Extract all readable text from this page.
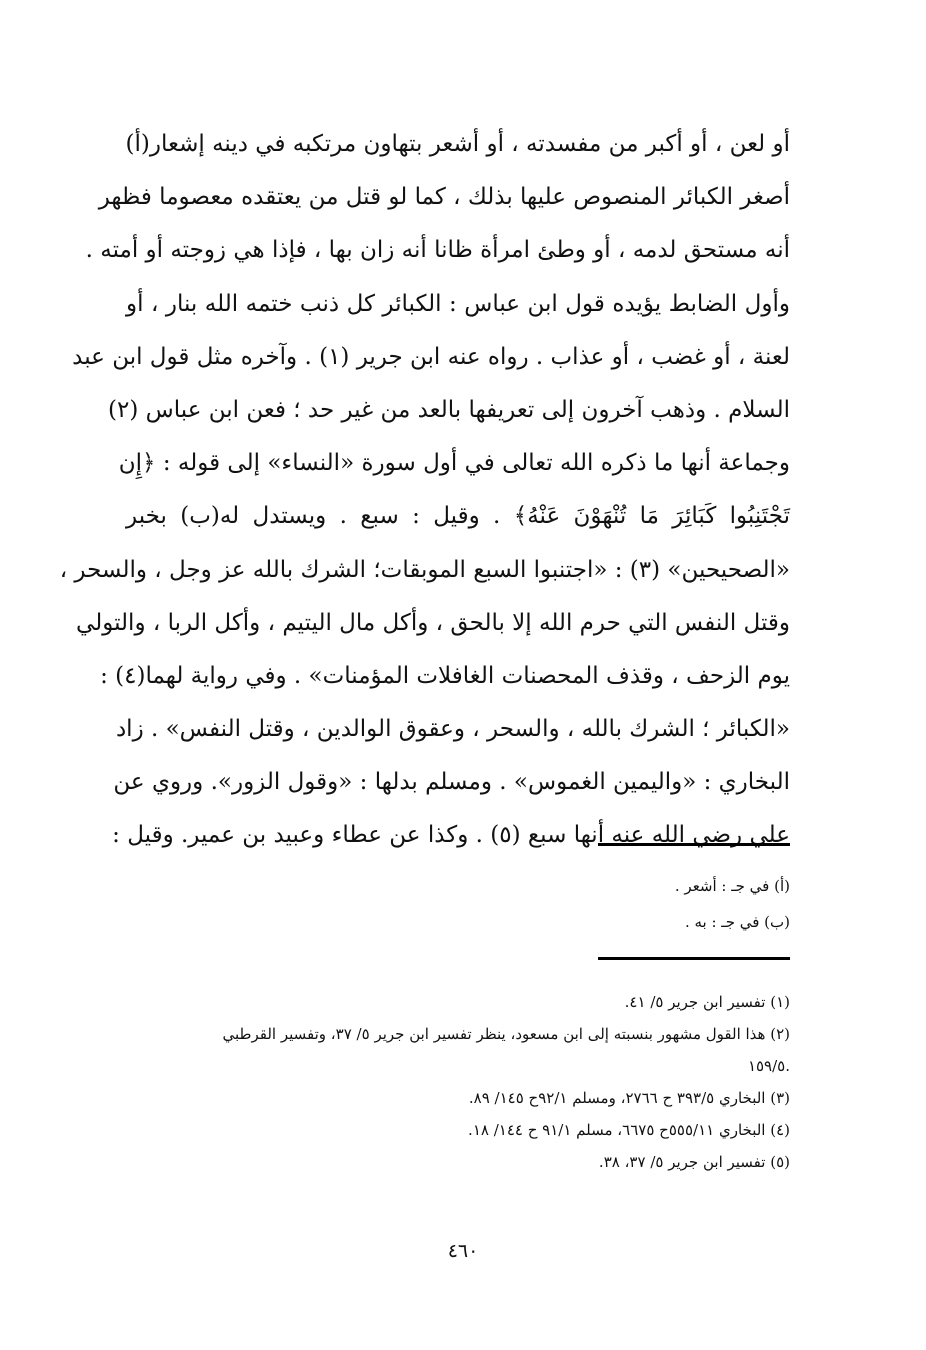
أو لعن ، أو أكبر من مفسدته ، أو أشعر بتهاون مرتكبه في دينه إشعار(أ)
أصغر الكبائر المنصوص عليها بذلك ، كما لو قتل من يعتقده معصوما فظهر
أنه مستحق لدمه ، أو وطئ امرأة ظانا أنه زان بها ، فإذا هي زوجته أو أمته .
وأول الضابط يؤيده قول ابن عباس : الكبائر كل ذنب ختمه الله بنار ، أو
لعنة ، أو غضب ، أو عذاب . رواه عنه ابن جرير (١) . وآخره مثل قول ابن عبد
السلام . وذهب آخرون إلى تعريفها بالعد من غير حد ؛ فعن ابن عباس (٢)
وجماعة أنها ما ذكره الله تعالى في أول سورة «النساء» إلى قوله : ﴿إِن
تَجْتَنِبُوا كَبَائِرَ مَا تُنْهَوْنَ عَنْهُ﴾ . وقيل : سبع . ويستدل له(ب) بخبر
«الصحيحين» (٣) : «اجتنبوا السبع الموبقات؛ الشرك بالله عز وجل ، والسحر ،
وقتل النفس التي حرم الله إلا بالحق ، وأكل مال اليتيم ، وأكل الربا ، والتولي
يوم الزحف ، وقذف المحصنات الغافلات المؤمنات» . وفي رواية لهما(٤) :
«الكبائر ؛ الشرك بالله ، والسحر ، وعقوق الوالدين ، وقتل النفس» . زاد
البخاري : «واليمين الغموس» . ومسلم بدلها : «وقول الزور». وروي عن
علي رضي الله عنه أنها سبع (٥) . وكذا عن عطاء وعبيد بن عمير. وقيل :
(أ) في جـ : أشعر .
(ب) في جـ : به .
(١) تفسير ابن جرير ٥/ ٤١.
(٢) هذا القول مشهور بنسبته إلى ابن مسعود، ينظر تفسير ابن جرير ٥/ ٣٧، وتفسير القرطبي
.١٥٩/٥
(٣) البخاري ٣٩٣/٥ ح ٢٧٦٦، ومسلم ٩٢/١ح ١٤٥/ ٨٩.
(٤) البخاري ٥٥٥/١١ح ٦٦٧٥، مسلم ٩١/١ ح ١٤٤/ ١٨.
(٥) تفسير ابن جرير ٥/ ٣٧، ٣٨.
٤٦٠
